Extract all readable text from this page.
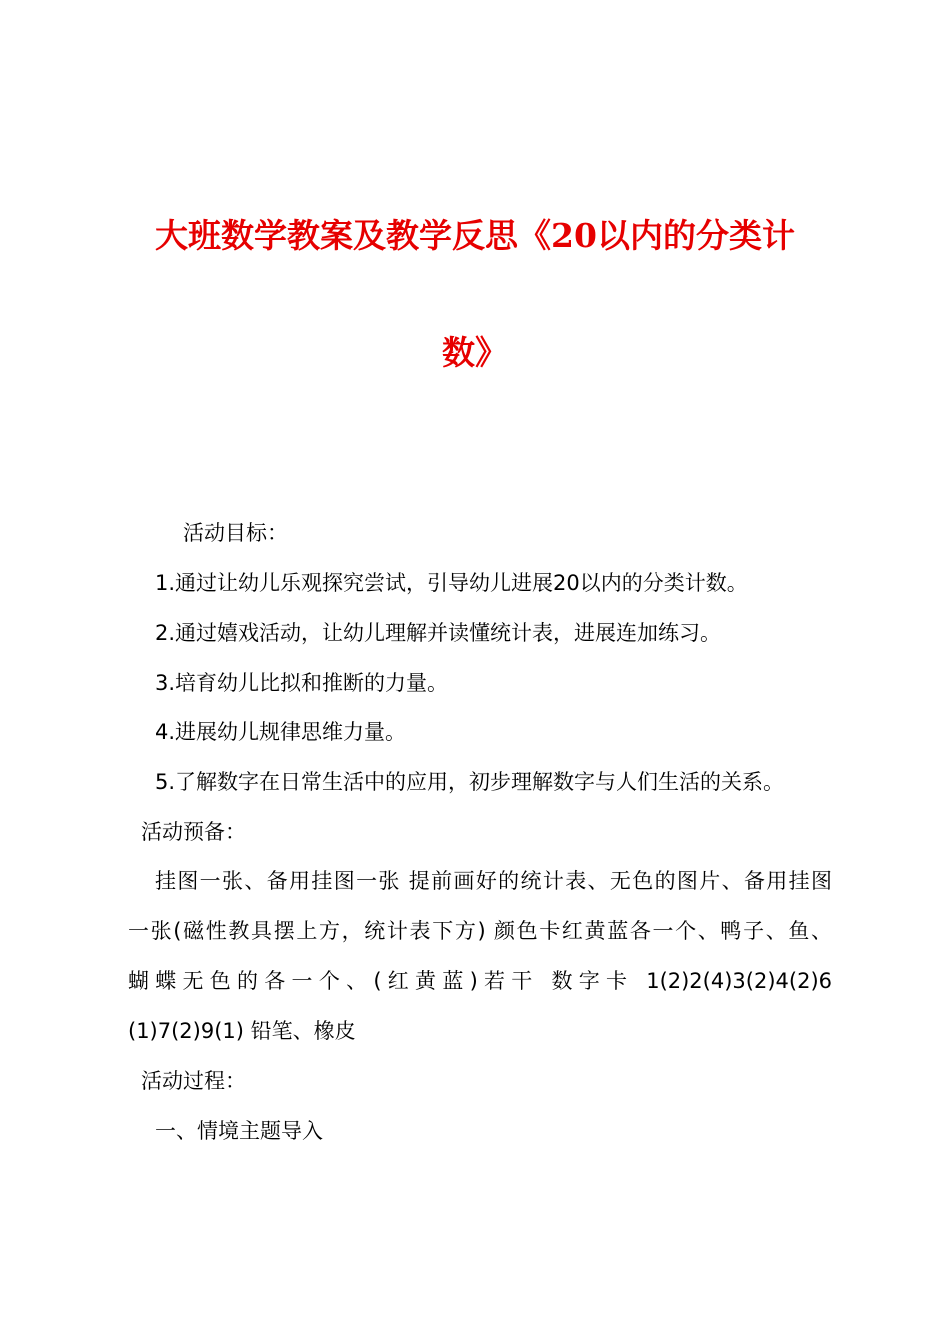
大班数学教案及教学反思《20以内的分类计
数》
活动目标：
1.通过让幼儿乐观探究尝试，引导幼儿进展20以内的分类计数。
2.通过嬉戏活动，让幼儿理解并读懂统计表，进展连加练习。
3.培育幼儿比拟和推断的力量。
4.进展幼儿规律思维力量。
5.了解数字在日常生活中的应用，初步理解数字与人们生活的关系。
活动预备：
挂图一张、备用挂图一张 提前画好的统计表、无色的图片、备用挂图
一张(磁性教具摆上方，统计表下方) 颜色卡红黄蓝各一个、鸭子、鱼、
蝴蝶无色的各一个、(红黄蓝)若干 数字卡 1(2)2(4)3(2)4(2)6
(1)7(2)9(1) 铅笔、橡皮
活动过程：
一、情境主题导入
